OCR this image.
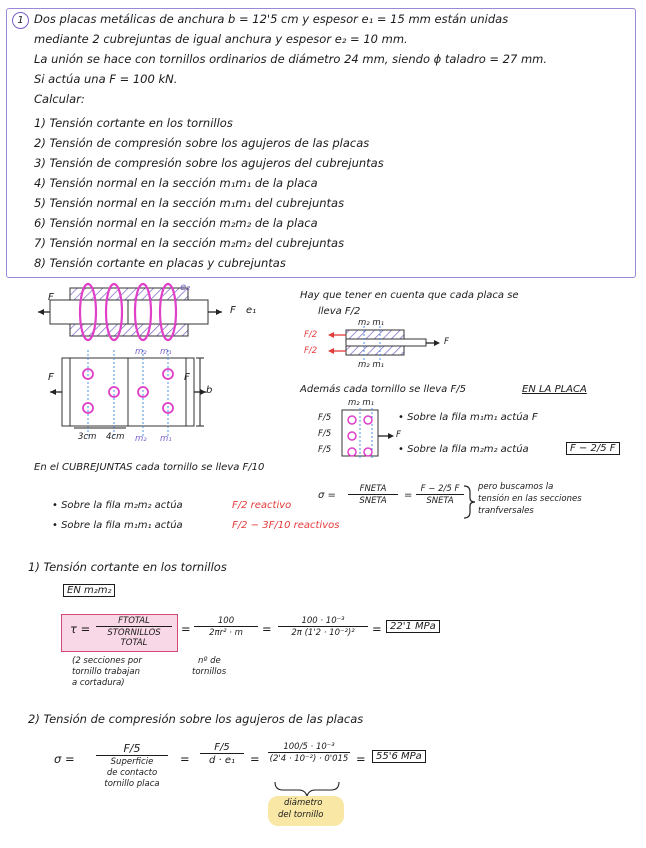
1 Dos placas metálicas de anchura b = 12'5 cm y espesor e₁ = 15 mm están unidas
mediante 2 cubrejuntas de igual anchura y espesor e₂ = 10 mm.
La unión se hace con tornillos ordinarios de diámetro 24 mm, siendo ϕ taladro = 27 mm.
Si actúa una F = 100 kN.
Calcular:
1) Tensión cortante en los tornillos
2) Tensión de compresión sobre los agujeros de las placas
3) Tensión de compresión sobre los agujeros del cubrejuntas
4) Tensión normal en la sección m₁m₁ de la placa
5) Tensión normal en la sección m₁m₁ del cubrejuntas
6) Tensión normal en la sección m₂m₂ de la placa
7) Tensión normal en la sección m₂m₂ del cubrejuntas
8) Tensión cortante en placas y cubrejuntas
e₂
F e₁
F
F	F
b
m₂ m₁
m₂ m₁
3cm 4cm
Hay que tener en cuenta que cada placa se
lleva F/2
F/2
F/2
F
m₂ m₁
m₂ m₁
Además cada tornillo se lleva F/5	EN LA PLACA
m₂ m₁
F/5
F/5
F/5
F
• Sobre la fila m₁m₁ actúa F
• Sobre la fila m₂m₂ actúa	F − 2/5 F
σ =
FNETA
SNETA	=
F − 2/5 F
SNETA
pero buscamos la
tensión en las secciones
tranfversales
En el CUBREJUNTAS cada tornillo se lleva F/10
• Sobre la fila m₂m₂ actúa	F/2 reactivo
• Sobre la fila m₁m₁ actúa	F/2 − 3F/10 reactivos
1) Tensión cortante en los tornillos
EN m₂m₂
τ =
FTOTAL
STORNILLOS TOTAL
= $\frac{100}{\text{2πr² · m}} = \frac{\text{100 · 10⁻³}}{\text{2π (1'2 · 10⁻²)²}} = 22'1$ MPa
(2 secciones por
tornillo trabajan
a cortadura)
nº de
tornillos
2) Tensión de compresión sobre los agujeros de las placas
σ =
F/5
Superficie
de contacto
tornillo placa
= $\frac{F/5}{\text{d · e₁}} = \frac{\text{100/5 · 10⁻³}}{\text{(2'4 · 10⁻²) · 0'015}}$ =	55'6 MPa
diámetro
del tornillo
